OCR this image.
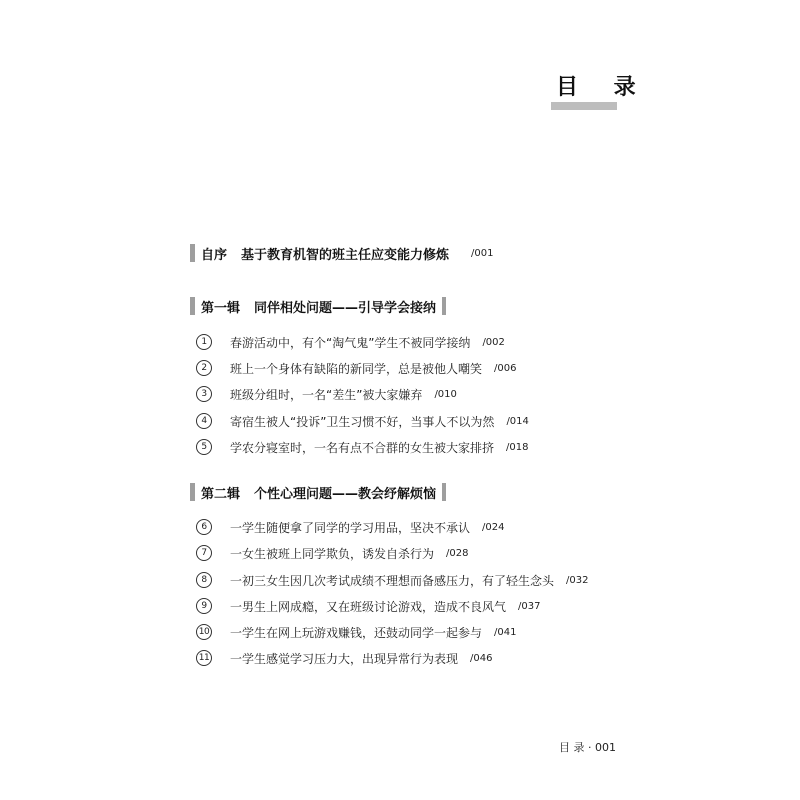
目 录
自序 基于教育机智的班主任应变能力修炼 /001
第一辑 同伴相处问题——引导学会接纳
1	春游活动中，有个“淘气鬼”学生不被同学接纳 /002
2	班上一个身体有缺陷的新同学，总是被他人嘲笑 /006
3	班级分组时，一名“差生”被大家嫌弃 /010
4	寄宿生被人“投诉”卫生习惯不好，当事人不以为然 /014
5	学农分寝室时，一名有点不合群的女生被大家排挤 /018
第二辑 个性心理问题——教会纾解烦恼
6	一学生随便拿了同学的学习用品，坚决不承认 /024
7	一女生被班上同学欺负，诱发自杀行为 /028
8	一初三女生因几次考试成绩不理想而备感压力，有了轻生念头 /032
9	一男生上网成瘾，又在班级讨论游戏，造成不良风气 /037
10 一学生在网上玩游戏赚钱，还鼓动同学一起参与 /041
11 一学生感觉学习压力大，出现异常行为表现 /046
目 录 · 001
